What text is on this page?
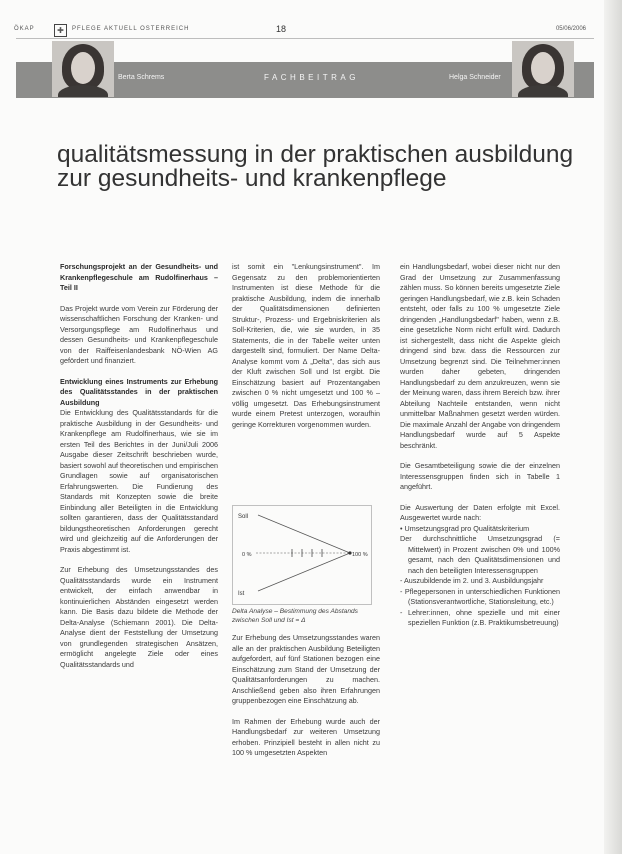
ÖKAP	✚	PFLEGE AKTUELL OSTERREICH	18	05/06/2006
Berta Schrems	FACHBEITRAG	Helga Schneider
qualitätsmessung in der praktischen ausbildung zur gesundheits- und krankenpflege

Forschungsprojekt an der Gesundheits- und Krankenpflegeschule am Rudolfinerhaus – Teil II

Das Projekt wurde vom Verein zur Förderung der wissenschaftlichen Forschung der Kranken- und Versorgungspflege am Rudolfinerhaus und dessen Gesundheits- und Krankenpflegeschule von der Raiffeisenlandesbank NÖ-Wien AG gefördert und finanziert.

Entwicklung eines Instruments zur Erhebung des Qualitätsstandes in der praktischen Ausbildung

Die Entwicklung des Qualitätsstandards für die praktische Ausbildung in der Gesundheits- und Krankenpflege am Rudolfinerhaus, wie sie im ersten Teil des Berichtes in der Juni/Juli 2006 Ausgabe dieser Zeitschrift beschrieben wurde, basiert sowohl auf theoretischen und empirischen Grundlagen sowie auf organisatorischen Erfahrungswerten. Die Fundierung des Standards mit Konzepten sowie die breite Einbindung aller Beteiligten in die Entwicklung sollten garantieren, dass der Qualitätsstandard bildungstheoretischen Anforderungen gerecht wird und gleichzeitig auf die Anforderungen der Praxis abgestimmt ist.

Zur Erhebung des Umsetzungsstandes des Qualitätsstandards wurde ein Instrument entwickelt, der einfach anwendbar in kontinuierlichen Abständen eingesetzt werden kann. Die Basis dazu bildete die Methode der Delta-Analyse (Schiemann 2001). Die Delta-Analyse dient der Feststellung der Umsetzung von grundlegenden strategischen Ansätzen, ermöglicht angelegte Ziele oder eines Qualitätsstandards und

ist somit ein "Lenkungsinstrument". Im Gegensatz zu den problemorientierten Instrumenten ist diese Methode für die praktische Ausbildung, indem die innerhalb der Qualitätsdimensionen definierten Struktur-, Prozess- und Ergebniskriterien als Soll-Kriterien, die, wie sie wurden, in 35 Statements, die in der Tabelle weiter unten dargestellt sind, formuliert. Der Name Delta-Analyse kommt vom Δ „Delta", das sich aus der Kluft zwischen Soll und Ist ergibt. Die Einschätzung basiert auf Prozentangaben zwischen 0 % nicht umgesetzt und 100 % – völlig umgesetzt. Das Erhebungsinstrument wurde einem Pretest unterzogen, woraufhin geringe Korrekturen vorgenommen wurden.

Soll
Ist
0 %	100 %
Delta Analyse – Bestimmung des Abstands zwischen Soll und Ist = Δ

Zur Erhebung des Umsetzungsstandes waren alle an der praktischen Ausbildung Beteiligten aufgefordert, auf fünf Stationen bezogen eine Einschätzung zum Stand der Umsetzung der Qualitätsanforderungen zu machen. Anschließend geben also ihren Erfahrungen gruppenbezogen eine Einschätzung ab.

Im Rahmen der Erhebung wurde auch der Handlungsbedarf zur weiteren Umsetzung erhoben. Prinzipiell besteht in allen nicht zu 100 % umgesetzten Aspekten

ein Handlungsbedarf, wobei dieser nicht nur den Grad der Umsetzung zur Zusammenfassung zählen muss. So können bereits umgesetzte Ziele geringen Handlungsbedarf, wie z.B. kein Schaden entsteht, oder falls zu 100 % umgesetzte Ziele dringenden „Handlungsbedarf" haben, wenn z.B. eine gesetzliche Norm nicht erfüllt wird. Dadurch ist sichergestellt, dass nicht die Aspekte gleich dringend sind bzw. dass die Ressourcen zur Umsetzung begrenzt sind. Die Teilnehmer:innen wurden daher gebeten, dringenden Handlungsbedarf zu dem anzukreuzen, wenn sie der Meinung waren, dass ihrem Bereich bzw. ihrer Abteilung Nachteile entstanden, wenn nicht unmittelbar Maßnahmen gesetzt werden würden. Die maximale Anzahl der Angabe von dringendem Handlungsbedarf wurde auf 5 Aspekte beschränkt.

Die Gesamtbeteiligung sowie die der einzelnen Interessensgruppen finden sich in Tabelle 1 angeführt.

Die Auswertung der Daten erfolgte mit Excel. Ausgewertet wurde nach:

• Umsetzungsgrad pro Qualitätskriterium
Der durchschnittliche Umsetzungsgrad (= Mittelwert) in Prozent zwischen 0% und 100% gesamt, nach den Qualitätsdimensionen und nach den beteiligten Interessensgruppen
- Auszubildende im 2. und 3. Ausbildungsjahr
- Pflegepersonen in unterschiedlichen Funktionen (Stationsverantwortliche, Stationsleitung, etc.)
- Lehrer:innen, ohne spezielle und mit einer speziellen Funktion (z.B. Praktikumsbetreuung)
